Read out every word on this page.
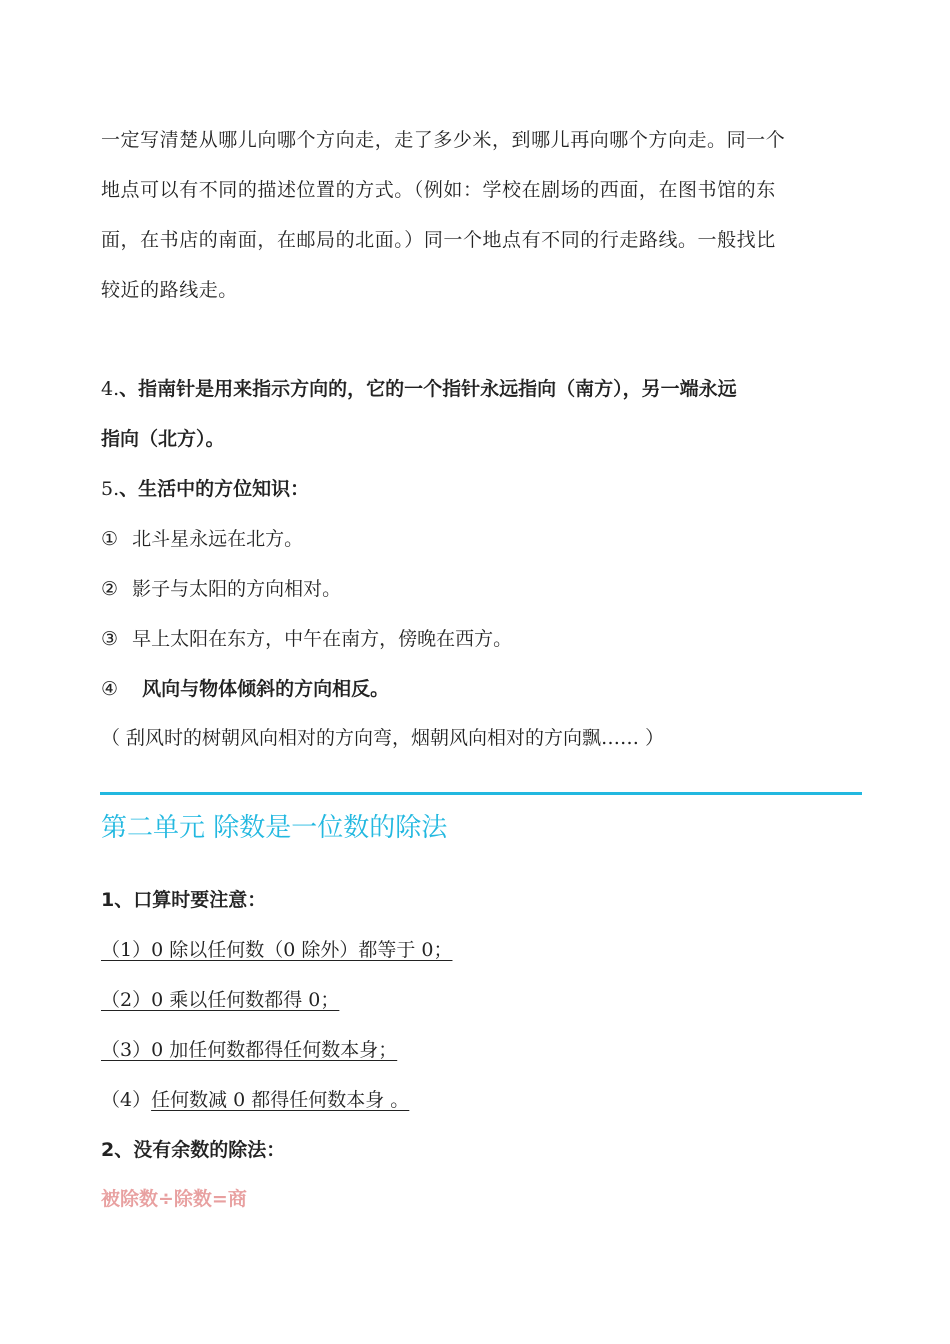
一定写清楚从哪儿向哪个方向走，走了多少米，到哪儿再向哪个方向走。同一个
地点可以有不同的描述位置的方式。（例如：学校在剧场的西面，在图书馆的东
面，在书店的南面，在邮局的北面。）同一个地点有不同的行走路线。一般找比
较近的路线走。
4.、指南针是用来指示方向的，它的一个指针永远指向（南方），另一端永远
指向（北方）。
5.、生活中的方位知识：
① 北斗星永远在北方。
② 影子与太阳的方向相对。
③ 早上太阳在东方，中午在南方，傍晚在西方。
④ 风向与物体倾斜的方向相反。
（ 刮风时的树朝风向相对的方向弯，烟朝风向相对的方向飘…… ）
第二单元 除数是一位数的除法
1、口算时要注意：
（1）0 除以任何数（0 除外）都等于 0；
（2）0 乘以任何数都得 0；
（3）0 加任何数都得任何数本身；
（4）任何数减 0 都得任何数本身 。
2、没有余数的除法：
被除数÷除数=商
